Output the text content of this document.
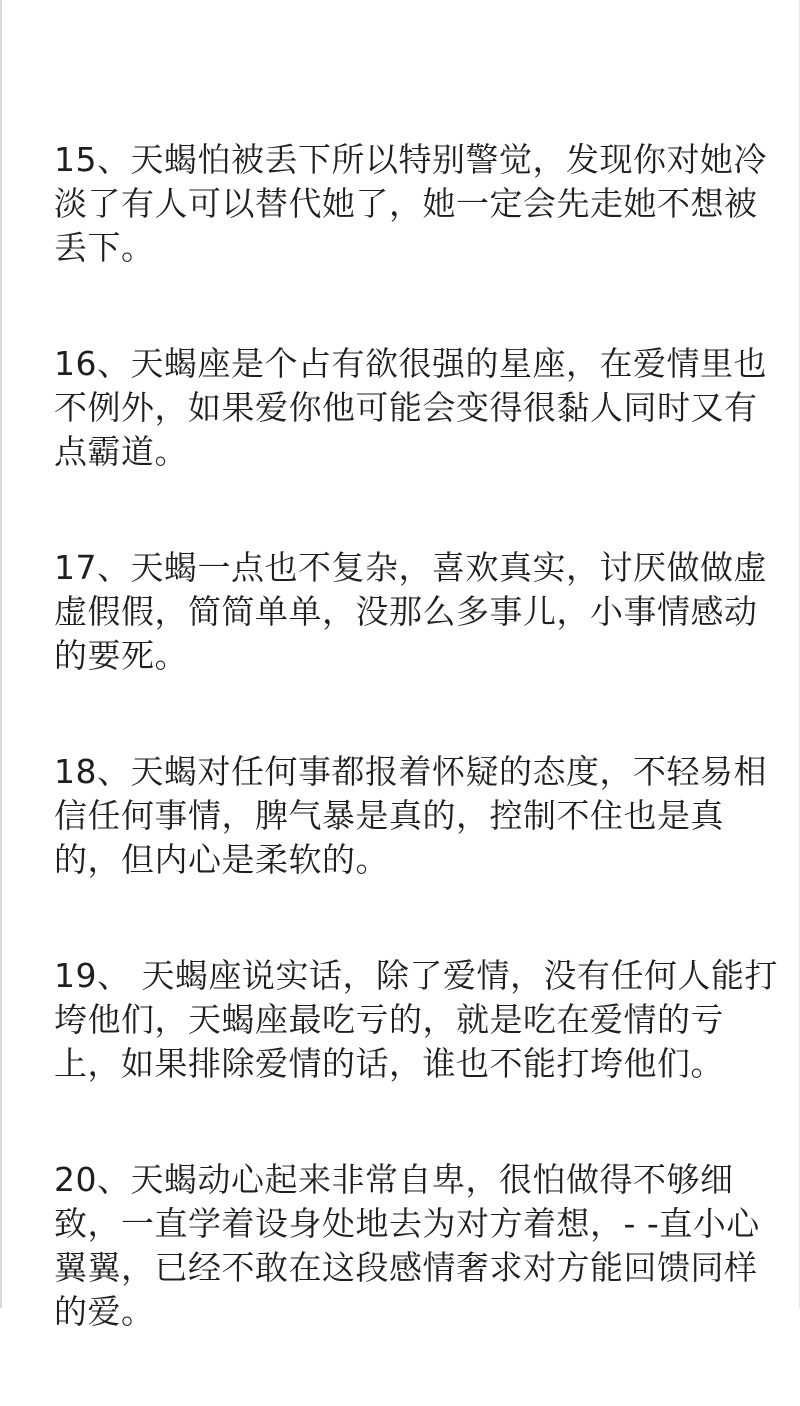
15、天蝎怕被丢下所以特别警觉，发现你对她冷
淡了有人可以替代她了，她一定会先走她不想被
丢下。
16、天蝎座是个占有欲很强的星座，在爱情里也
不例外，如果爱你他可能会变得很黏人同时又有
点霸道。
17、天蝎一点也不复杂，喜欢真实，讨厌做做虚
虚假假，简简单单，没那么多事儿，小事情感动
的要死。
18、天蝎对任何事都报着怀疑的态度，不轻易相
信任何事情，脾气暴是真的，控制不住也是真
的，但内心是柔软的。
19、 天蝎座说实话，除了爱情，没有任何人能打
垮他们，天蝎座最吃亏的，就是吃在爱情的亏
上，如果排除爱情的话，谁也不能打垮他们。
20、天蝎动心起来非常自卑，很怕做得不够细
致，一直学着设身处地去为对方着想，- -直小心
翼翼，已经不敢在这段感情奢求对方能回馈同样
的爱。
